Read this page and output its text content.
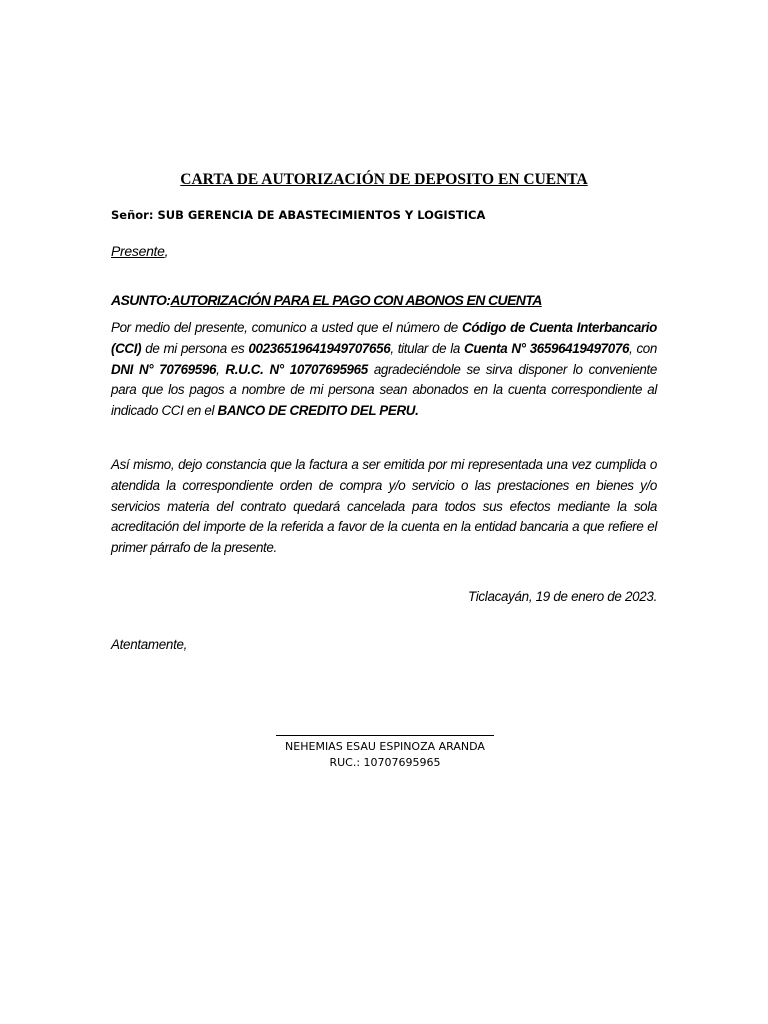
CARTA DE AUTORIZACIÓN DE DEPOSITO EN CUENTA
Señor: SUB GERENCIA DE ABASTECIMIENTOS Y LOGISTICA
Presente,
ASUNTO:AUTORIZACIÓN PARA EL PAGO CON ABONOS EN CUENTA
Por medio del presente, comunico a usted que el número de Código de Cuenta Interbancario (CCI) de mi persona es 00236519641949707656, titular de la Cuenta N° 36596419497076, con DNI N° 70769596, R.U.C. N° 10707695965 agradeciéndole se sirva disponer lo conveniente para que los pagos a nombre de mi persona sean abonados en la cuenta correspondiente al indicado CCI en el BANCO DE CREDITO DEL PERU.
Así mismo, dejo constancia que la factura a ser emitida por mi representada una vez cumplida o atendida la correspondiente orden de compra y/o servicio o las prestaciones en bienes y/o servicios materia del contrato quedará cancelada para todos sus efectos mediante la sola acreditación del importe de la referida a favor de la cuenta en la entidad bancaria a que refiere el primer párrafo de la presente.
Ticlacayán, 19 de enero de 2023.
Atentamente,
NEHEMIAS ESAU ESPINOZA ARANDA
RUC.: 10707695965
